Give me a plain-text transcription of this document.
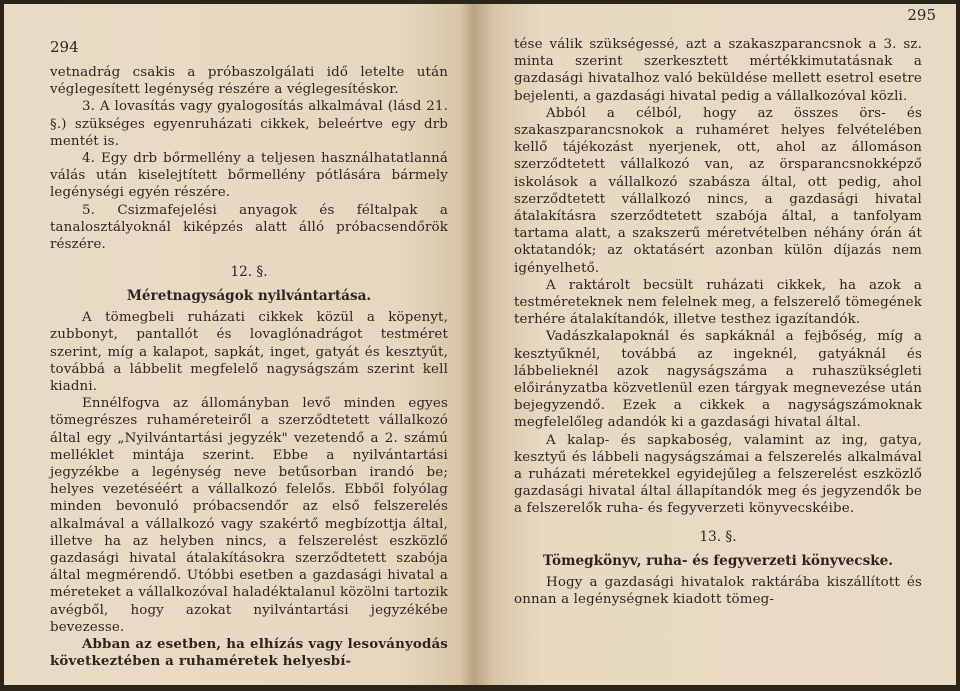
294

vetnadrág csakis a próbaszolgálati idő letelte után véglegesített legénység részére a véglegesítéskor.

3. A lovasítás vagy gyalogosítás alkalmával (lásd 21. §.) szükséges egyenruházati cikkek, beleértve egy drb mentét is.

4. Egy drb bőrmellény a teljesen használhatatlanná válás után kiselejtített bőrmellény pótlására bármely legénységi egyén részére.

5. Csizmafejelési anyagok és féltalpak a tanalosztályoknál kiképzés alatt álló próbacsendőrök részére.

12. §.
Méretnagyságok nyilvántartása.

A tömegbeli ruházati cikkek közül a köpenyt, zubbonyt, pantallót és lovaglónadrágot testméret szerint, míg a kalapot, sapkát, inget, gatyát és kesztyűt, továbbá a lábbelit megfelelő nagyságszám szerint kell kiadni.

Ennélfogva az állományban levő minden egyes tömegrészes ruhaméreteiről a szerződtetett vállalkozó által egy „Nyilvántartási jegyzék" vezetendő a 2. számú melléklet mintája szerint. Ebbe a nyilvántartási jegyzékbe a legénység neve betűsorban irandó be; helyes vezetéséért a vállalkozó felelős. Ebből folyólag minden bevonuló próbacsendőr az első felszerelés alkalmával a vállalkozó vagy szakértő megbízottja által, illetve ha az helyben nincs, a felszerelést eszközlő gazdasági hivatal átalakításokra szerződtetett szabója által megmérendő. Utóbbi esetben a gazdasági hivatal a méreteket a vállalkozóval haladéktalanul közölni tartozik avégből, hogy azokat nyilvántartási jegyzékébe bevezesse.

Abban az esetben, ha elhízás vagy lesoványodás következtében a ruhaméretek helyesbí-

295

tése válik szükségessé, azt a szakaszparancsnok a 3. sz. minta szerint szerkesztett mértékkimutatásnak a gazdasági hivatalhoz való beküldése mellett esetrol esetre bejelenti, a gazdasági hivatal pedig a vállalkozóval közli.

Abból a célból, hogy az összes örs- és szakaszparancsnokok a ruhaméret helyes felvételében kellő tájékozást nyerjenek, ott, ahol az állomáson szerződtetett vállalkozó van, az örsparancsnokképző iskolások a vállalkozó szabásza által, ott pedig, ahol szerződtetett vállalkozó nincs, a gazdasági hivatal átalakításra szerződtetett szabója által, a tanfolyam tartama alatt, a szakszerű méretvételben néhány órán át oktatandók; az oktatásért azonban külön díjazás nem igényelhető.

A raktárolt becsült ruházati cikkek, ha azok a testméreteknek nem felelnek meg, a felszerelő tömegének terhére átalakítandók, illetve testhez igazítandók.

Vadászkalapoknál és sapkáknál a fejbőség, míg a kesztyűknél, továbbá az ingeknél, gatyáknál és lábbelieknél azok nagyságszáma a ruhaszükségleti előirányzatba közvetlenül ezen tárgyak megnevezése után bejegyzendő. Ezek a cikkek a nagyságszámoknak megfelelőleg adandók ki a gazdasági hivatal által.

A kalap- és sapkaboség, valamint az ing, gatya, kesztyű és lábbeli nagyságszámai a felszerelés alkalmával a ruházati méretekkel egyidejűleg a felszerelést eszközlő gazdasági hivatal által állapítandók meg és jegyzendők be a felszerelők ruha- és fegyverzeti könyvecskéibe.

13. §.
Tömegkönyv, ruha- és fegyverzeti könyvecske.

Hogy a gazdasági hivatalok raktárába kiszállított és onnan a legénységnek kiadott tömeg-
